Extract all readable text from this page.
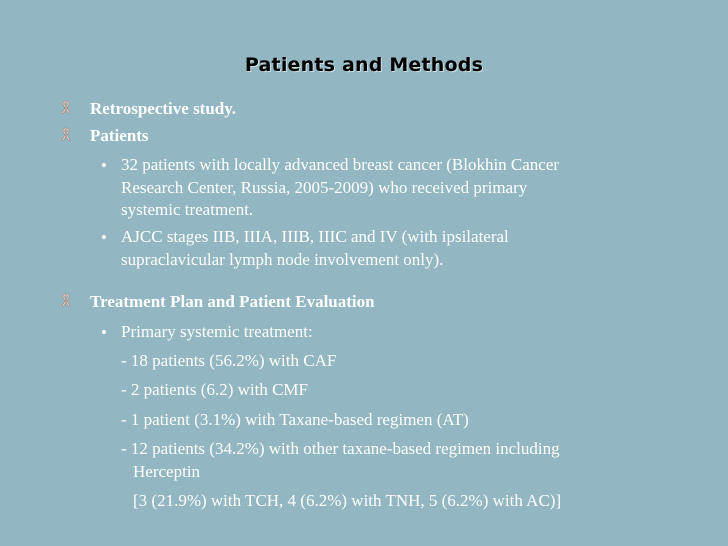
Patients and Methods
Retrospective study.
Patients
• 32 patients with locally advanced breast cancer (Blokhin Cancer
Research Center, Russia, 2005-2009) who received primary
systemic treatment.
• AJCC stages IIB, IIIA, IIIB, IIIC and IV (with ipsilateral
supraclavicular lymph node involvement only).
Treatment Plan and Patient Evaluation
• Primary systemic treatment:
- 18 patients (56.2%) with CAF
- 2 patients (6.2) with CMF
- 1 patient (3.1%) with Taxane-based regimen (AT)
- 12 patients (34.2%) with other taxane-based regimen including
Herceptin
[3 (21.9%) with TCH, 4 (6.2%) with TNH, 5 (6.2%) with AC)]
